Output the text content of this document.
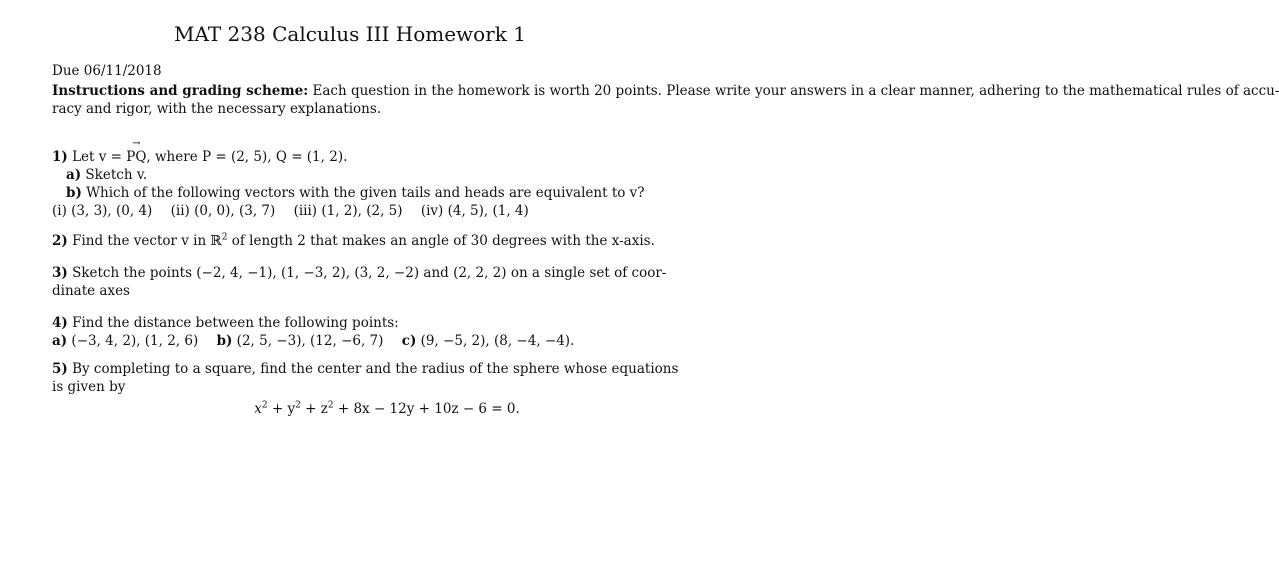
MAT 238 Calculus III Homework 1
Due 06/11/2018
Instructions and grading scheme: Each question in the homework is worth 20 points. Please write your answers in a clear manner, adhering to the mathematical rules of accu-
racy and rigor, with the necessary explanations.
1) Let v =
→
PQ, where P = (2, 5), Q = (1, 2).
a) Sketch v.
b) Which of the following vectors with the given tails and heads are equivalent to v?
(i) (3, 3), (0, 4) (ii) (0, 0), (3, 7) (iii) (1, 2), (2, 5) (iv) (4, 5), (1, 4)
2) Find the vector v in ℝ$^2$ of length 2 that makes an angle of 30 degrees with the x-axis.
3) Sketch the points (−2, 4, −1), (1, −3, 2), (3, 2, −2) and (2, 2, 2) on a single set of coor-
dinate axes
4) Find the distance between the following points:
a) (−3, 4, 2), (1, 2, 6) b) (2, 5, −3), (12, −6, 7) c) (9, −5, 2), (8, −4, −4).
5) By completing to a square, find the center and the radius of the sphere whose equations
is given by
$x^2 + y^2 + z^2 + 8x - 12y + 10z - 6 = 0$.
